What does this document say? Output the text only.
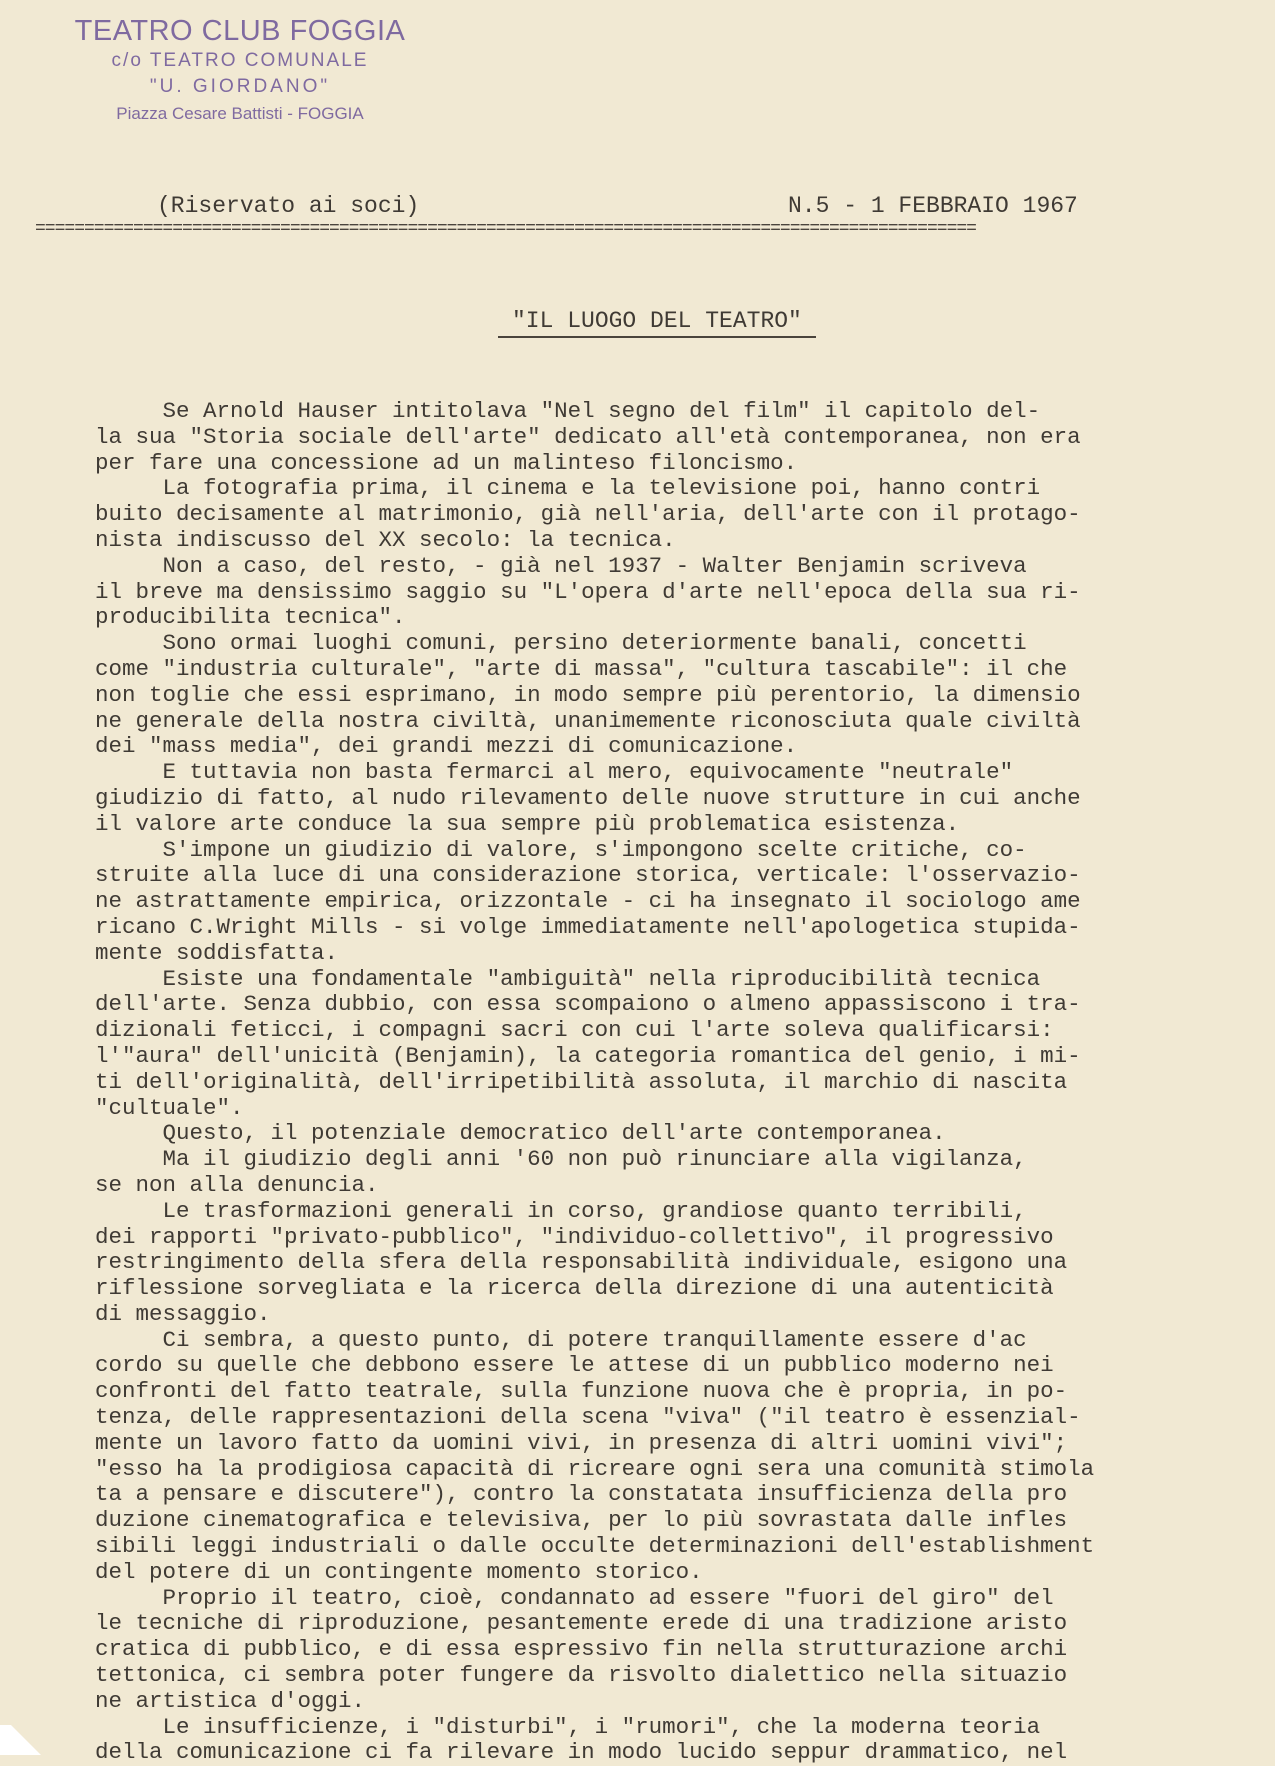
TEATRO CLUB FOGGIA
c/o TEATRO COMUNALE
"U. GIORDANO"
Piazza Cesare Battisti - FOGGIA
(Riservato ai soci)	N.5 - 1 FEBBRAIO 1967
================================================================================================
"IL LUOGO DEL TEATRO"
Se Arnold Hauser intitolava "Nel segno del film" il capitolo del-
la sua "Storia sociale dell'arte" dedicato all'età contemporanea, non era
per fare una concessione ad un malinteso filoncismo.
La fotografia prima, il cinema e la televisione poi, hanno contri
buito decisamente al matrimonio, già nell'aria, dell'arte con il protago-
nista indiscusso del XX secolo: la tecnica.
Non a caso, del resto, - già nel 1937 - Walter Benjamin scriveva
il breve ma densissimo saggio su "L'opera d'arte nell'epoca della sua ri-
producibilita tecnica".
Sono ormai luoghi comuni, persino deteriormente banali, concetti
come "industria culturale", "arte di massa", "cultura tascabile": il che
non toglie che essi esprimano, in modo sempre più perentorio, la dimensio
ne generale della nostra civiltà, unanimemente riconosciuta quale civiltà
dei "mass media", dei grandi mezzi di comunicazione.
E tuttavia non basta fermarci al mero, equivocamente "neutrale"
giudizio di fatto, al nudo rilevamento delle nuove strutture in cui anche
il valore arte conduce la sua sempre più problematica esistenza.
S'impone un giudizio di valore, s'impongono scelte critiche, co-
struite alla luce di una considerazione storica, verticale: l'osservazio-
ne astrattamente empirica, orizzontale - ci ha insegnato il sociologo ame
ricano C.Wright Mills - si volge immediatamente nell'apologetica stupida-
mente soddisfatta.
Esiste una fondamentale "ambiguità" nella riproducibilità tecnica
dell'arte. Senza dubbio, con essa scompaiono o almeno appassiscono i tra-
dizionali feticci, i compagni sacri con cui l'arte soleva qualificarsi:
l'"aura" dell'unicità (Benjamin), la categoria romantica del genio, i mi-
ti dell'originalità, dell'irripetibilità assoluta, il marchio di nascita
"cultuale".
Questo, il potenziale democratico dell'arte contemporanea.
Ma il giudizio degli anni '60 non può rinunciare alla vigilanza,
se non alla denuncia.
Le trasformazioni generali in corso, grandiose quanto terribili,
dei rapporti "privato-pubblico", "individuo-collettivo", il progressivo
restringimento della sfera della responsabilità individuale, esigono una
riflessione sorvegliata e la ricerca della direzione di una autenticità
di messaggio.
Ci sembra, a questo punto, di potere tranquillamente essere d'ac
cordo su quelle che debbono essere le attese di un pubblico moderno nei
confronti del fatto teatrale, sulla funzione nuova che è propria, in po-
tenza, delle rappresentazioni della scena "viva" ("il teatro è essenzial-
mente un lavoro fatto da uomini vivi, in presenza di altri uomini vivi";
"esso ha la prodigiosa capacità di ricreare ogni sera una comunità stimola
ta a pensare e discutere"), contro la constatata insufficienza della pro
duzione cinematografica e televisiva, per lo più sovrastata dalle infles
sibili leggi industriali o dalle occulte determinazioni dell'establishment
del potere di un contingente momento storico.
Proprio il teatro, cioè, condannato ad essere "fuori del giro" del
le tecniche di riproduzione, pesantemente erede di una tradizione aristo
cratica di pubblico, e di essa espressivo fin nella strutturazione archi
tettonica, ci sembra poter fungere da risvolto dialettico nella situazio
ne artistica d'oggi.
Le insufficienze, i "disturbi", i "rumori", che la moderna teoria
della comunicazione ci fa rilevare in modo lucido seppur drammatico, nel
